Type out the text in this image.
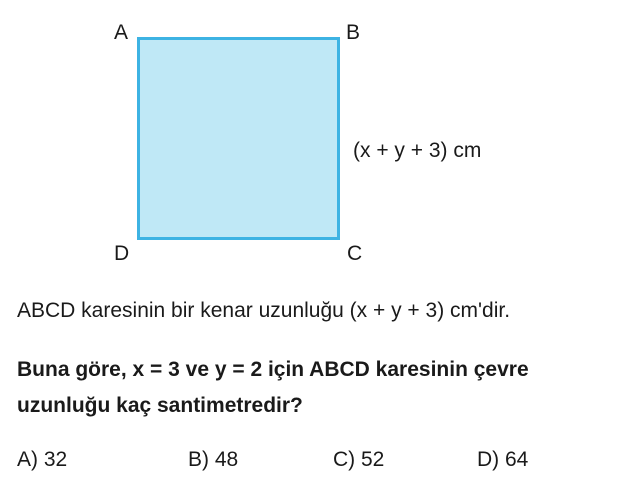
A	B
C
D
(x + y + 3) cm
ABCD karesinin bir kenar uzunluğu (x + y + 3) cm'dir.
Buna göre, x = 3 ve y = 2 için ABCD karesinin çevre uzunluğu kaç santimetredir?
A) 32	B) 48	C) 52	D) 64
